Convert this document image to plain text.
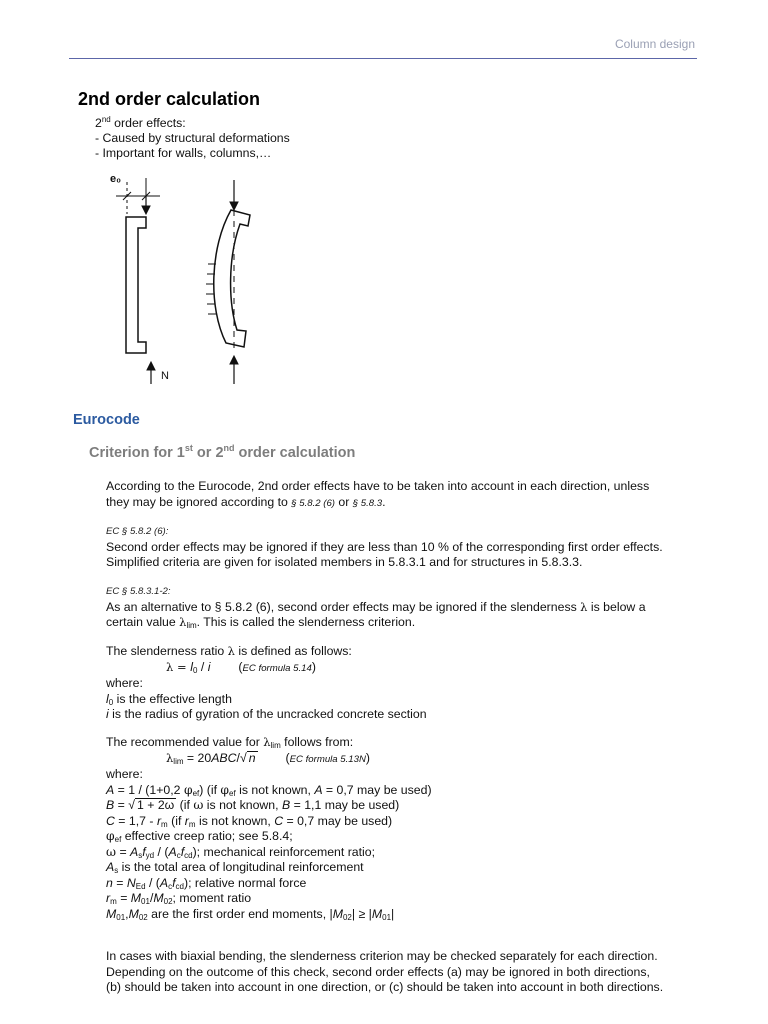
Column design
2nd order calculation
2nd order effects:
- Caused by structural deformations
- Important for walls, columns,…
e₀
N
Eurocode
Criterion for 1st or 2nd order calculation
According to the Eurocode, 2nd order effects have to be taken into account in each direction, unless
they may be ignored according to § 5.8.2 (6) or § 5.8.3.
EC § 5.8.2 (6):
Second order effects may be ignored if they are less than 10 % of the corresponding first order effects.
Simplified criteria are given for isolated members in 5.8.3.1 and for structures in 5.8.3.3.
EC § 5.8.3.1-2:
As an alternative to § 5.8.2 (6), second order effects may be ignored if the slenderness λ is below a
certain value $\lambda_{lim}$. This is called the slenderness criterion.
The slenderness ratio λ is defined as follows:
$\lambda = l_0 / i$ (EC formula 5.14)
where:
$l_0$ is the effective length
i is the radius of gyration of the uncracked concrete section
The recommended value for $\lambda_{lim}$ follows from:
$\lambda_{lim} = 20ABC/√$ n (EC formula 5.13N)
where:
A = 1 / (1+0,2 $\varphi_{ef}$) (if $\varphi_{ef}$ is not known, A = 0,7 may be used)
B = √ 1 + 2ω (if ω is not known, B = 1,1 may be used)
$C = 1,7 - r_m$ (if $r_m$ is not known, C = 0,7 may be used)
$\varphi_{ef}$ effective creep ratio; see 5.8.4;
$\omega = A_sf_{yd} / (A_cf_{cd})$; mechanical reinforcement ratio;
$A_s$ is the total area of longitudinal reinforcement
$n = N_{Ed} / (A_cf_{cd})$; relative normal force
$r_m = M_{01}/M_{02}$; moment ratio
$M_{01},M_{02}$ are the first order end moments, $|M_{02}| \ge |M_{01}|$
In cases with biaxial bending, the slenderness criterion may be checked separately for each direction.
Depending on the outcome of this check, second order effects (a) may be ignored in both directions,
(b) should be taken into account in one direction, or (c) should be taken into account in both directions.
